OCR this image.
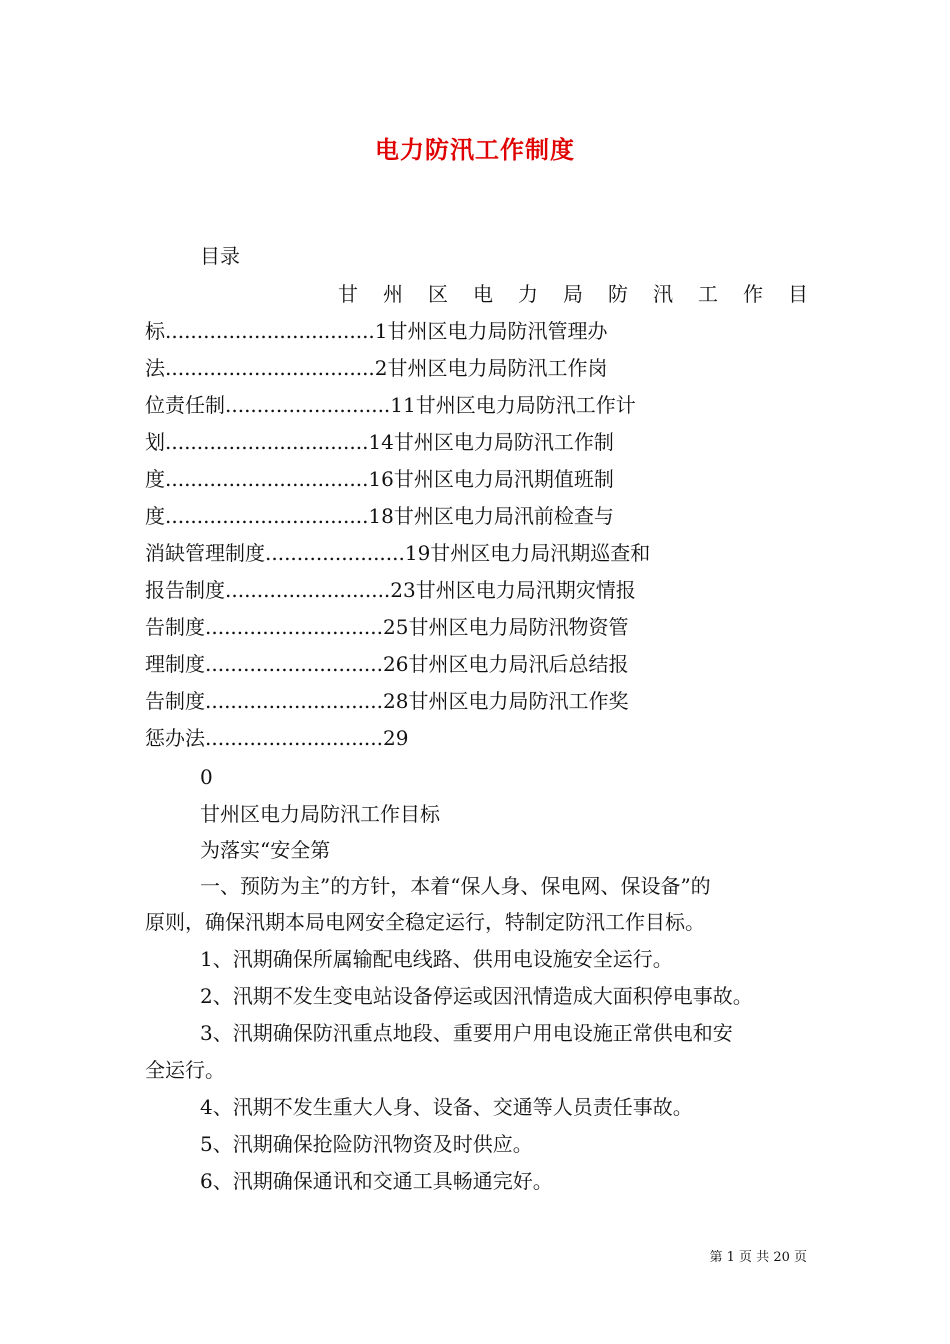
电力防汛工作制度
目录
甘 州 区 电 力 局 防 汛 工 作 目
标.................................1甘州区电力局防汛管理办
法.................................2甘州区电力局防汛工作岗
位责任制..........................11甘州区电力局防汛工作计
划................................14甘州区电力局防汛工作制
度................................16甘州区电力局汛期值班制
度................................18甘州区电力局汛前检查与
消缺管理制度......................19甘州区电力局汛期巡查和
报告制度..........................23甘州区电力局汛期灾情报
告制度............................25甘州区电力局防汛物资管
理制度............................26甘州区电力局汛后总结报
告制度............................28甘州区电力局防汛工作奖
惩办法............................29
0
甘州区电力局防汛工作目标
为落实“安全第
一、预防为主”的方针，本着“保人身、保电网、保设备”的
原则，确保汛期本局电网安全稳定运行，特制定防汛工作目标。
1、汛期确保所属输配电线路、供用电设施安全运行。
2、汛期不发生变电站设备停运或因汛情造成大面积停电事故。
3、汛期确保防汛重点地段、重要用户用电设施正常供电和安
全运行。
4、汛期不发生重大人身、设备、交通等人员责任事故。
5、汛期确保抢险防汛物资及时供应。
6、汛期确保通讯和交通工具畅通完好。
第 1 页 共 20 页
